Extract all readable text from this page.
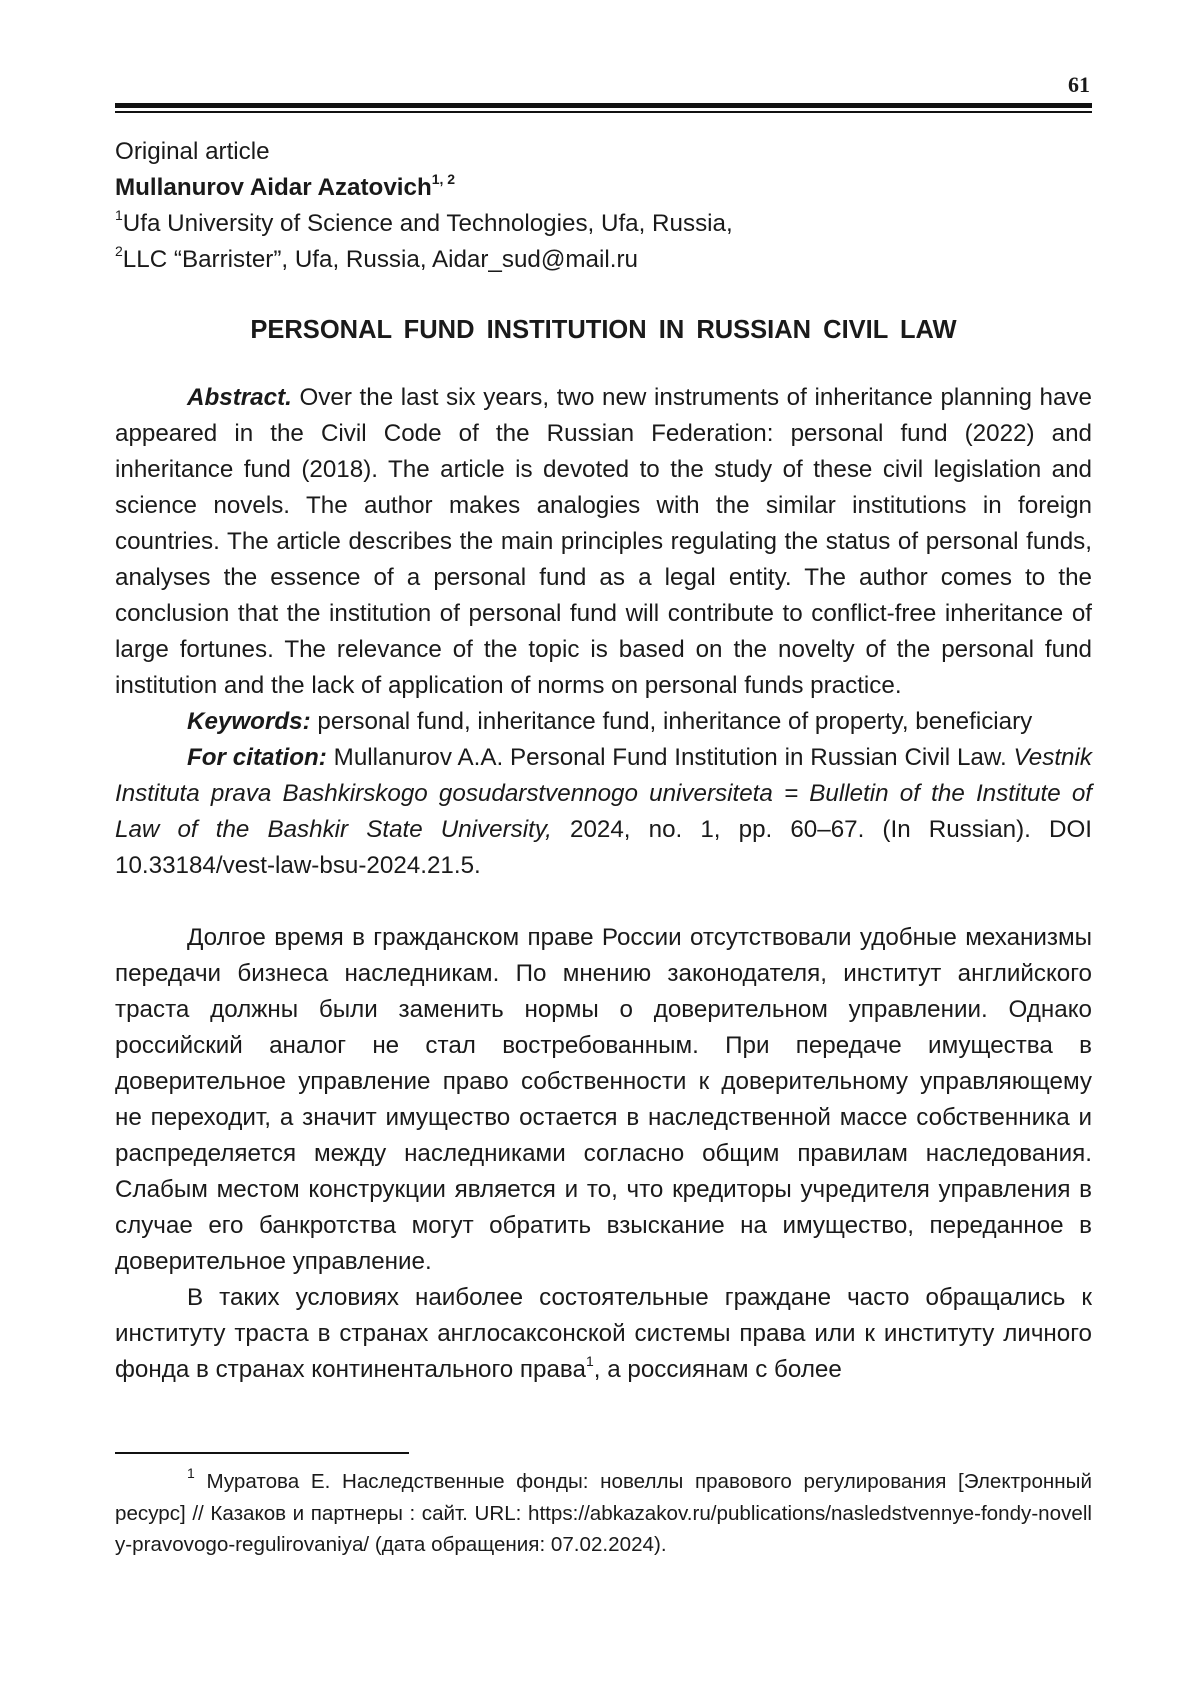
61
Original article
Mullanurov Aidar Azatovich$^{1, 2}$
$^1$Ufa University of Science and Technologies, Ufa, Russia,
$^2$LLC “Barrister”, Ufa, Russia, Aidar_sud@mail.ru
PERSONAL FUND INSTITUTION IN RUSSIAN CIVIL LAW

Abstract. Over the last six years, two new instruments of inheritance planning have appeared in the Civil Code of the Russian Federation: personal fund (2022) and inheritance fund (2018). The article is devoted to the study of these civil legislation and science novels. The author makes analogies with the similar institutions in foreign countries. The article describes the main principles regulating the status of personal funds, analyses the essence of a personal fund as a legal entity. The author comes to the conclusion that the institution of personal fund will contribute to conflict-free inheritance of large fortunes. The relevance of the topic is based on the novelty of the personal fund institution and the lack of application of norms on personal funds practice.

Keywords: personal fund, inheritance fund, inheritance of property, beneficiary

For citation: Mullanurov A.A. Personal Fund Institution in Russian Civil Law. Vestnik Instituta prava Bashkirskogo gosudarstvennogo universiteta = Bulletin of the Institute of Law of the Bashkir State University, 2024, no. 1, pp. 60–67. (In Russian). DOI 10.33184/vest-law-bsu-2024.21.5.

Долгое время в гражданском праве России отсутствовали удобные механизмы передачи бизнеса наследникам. По мнению законодателя, институт английского траста должны были заменить нормы о доверительном управлении. Однако российский аналог не стал востребованным. При передаче имущества в доверительное управление право собственности к доверительному управляющему не переходит, а значит имущество остается в наследственной массе собственника и распределяется между наследниками согласно общим правилам наследования. Слабым местом конструкции является и то, что кредиторы учредителя управления в случае его банкротства могут обратить взыскание на имущество, переданное в доверительное управление.

В таких условиях наиболее состоятельные граждане часто обращались к институту траста в странах англосаксонской системы права или к институту личного фонда в странах континентального права$^1$, а россиянам с более

$^1$ Муратова Е. Наследственные фонды: новеллы правового регулирования [Электронный ресурс] // Казаков и партнеры : сайт. URL: https://abkazakov.ru/publications/nasledstvennye-fondy-novelly-pravovogo-regulirovaniya/ (дата обращения: 07.02.2024).
